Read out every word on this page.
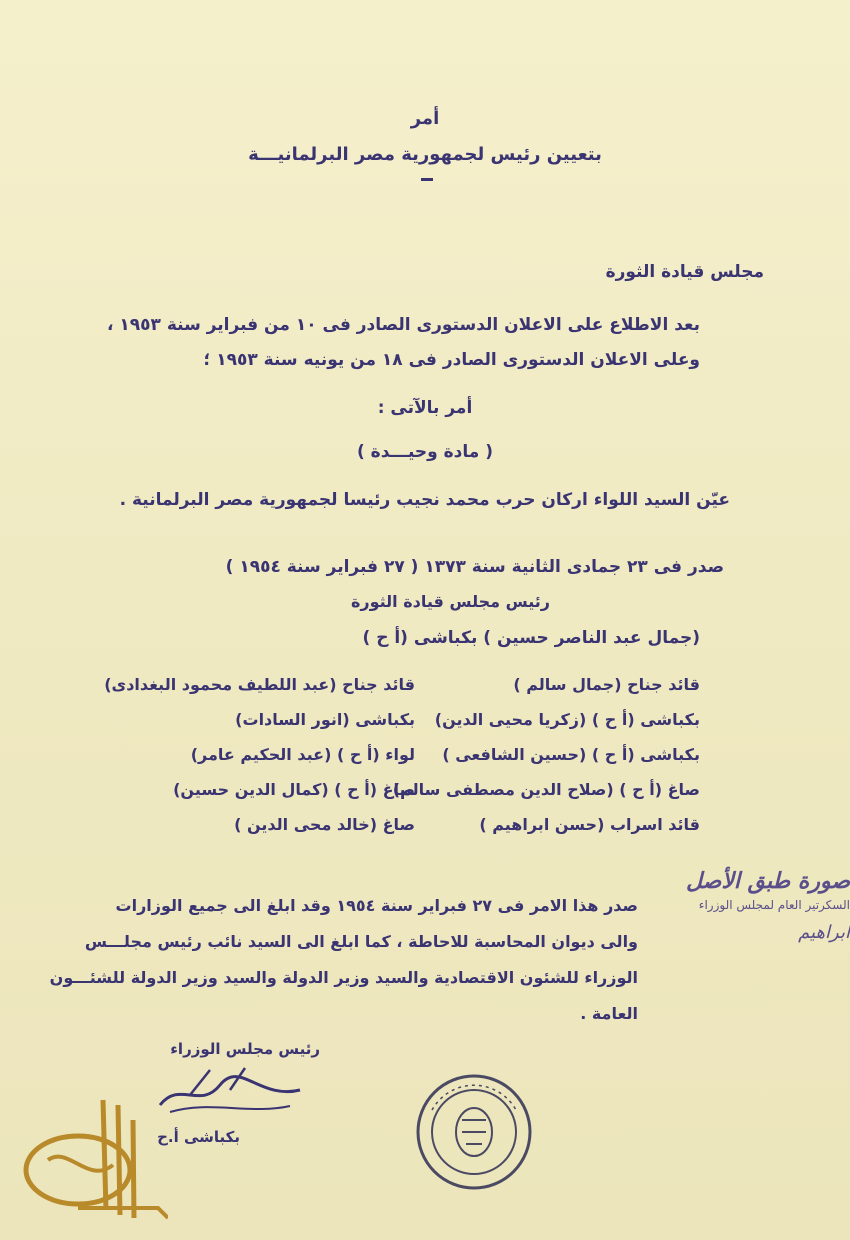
أمر
بتعيين رئيس لجمهورية مصر البرلمانيـــة
مجلس قيادة الثورة
بعد الاطلاع على الاعلان الدستورى الصادر فى ١٠ من فبراير سنة ١٩٥٣ ،
وعلى الاعلان الدستورى الصادر فى ١٨ من يونيه سنة ١٩٥٣ ؛
أمر بالآتى :
( مادة وحيـــدة )
عيّن السيد اللواء اركان حرب محمد نجيب رئيسا لجمهورية مصر البرلمانية .
صدر فى ٢٣ جمادى الثانية سنة ١٣٧٣ ( ٢٧ فبراير سنة ١٩٥٤ )
رئيس مجلس قيادة الثورة
(جمال عبد الناصر حسين ) بكباشى (أ ح )
قائد جناح (جمال سالم )
بكباشى (أ ح ) (زكريا محيى الدين)
بكباشى (أ ح ) (حسين الشافعى )
صاغ (أ ح ) (صلاح الدين مصطفى سالم)
قائد اسراب (حسن ابراهيم )
قائد جناح (عبد اللطيف محمود البغدادى)
بكباشى (انور السادات)
لواء (أ ح ) (عبد الحكيم عامر)
صاغ (أ ح ) (كمال الدين حسين)
صاغ (خالد محى الدين )
صدر هذا الامر فى ٢٧ فبراير سنة ١٩٥٤ وقد ابلغ الى جميع الوزارات
والى ديوان المحاسبة للاحاطة ، كما ابلغ الى السيد نائب رئيس مجلـــس
الوزراء للشئون الاقتصادية والسيد وزير الدولة والسيد وزير الدولة للشئـــون
العامة .
صورة طبق الأصل
السكرتير العام لمجلس الوزراء
ابراهيم
رئيس مجلس الوزراء
بكباشى أ.ح
